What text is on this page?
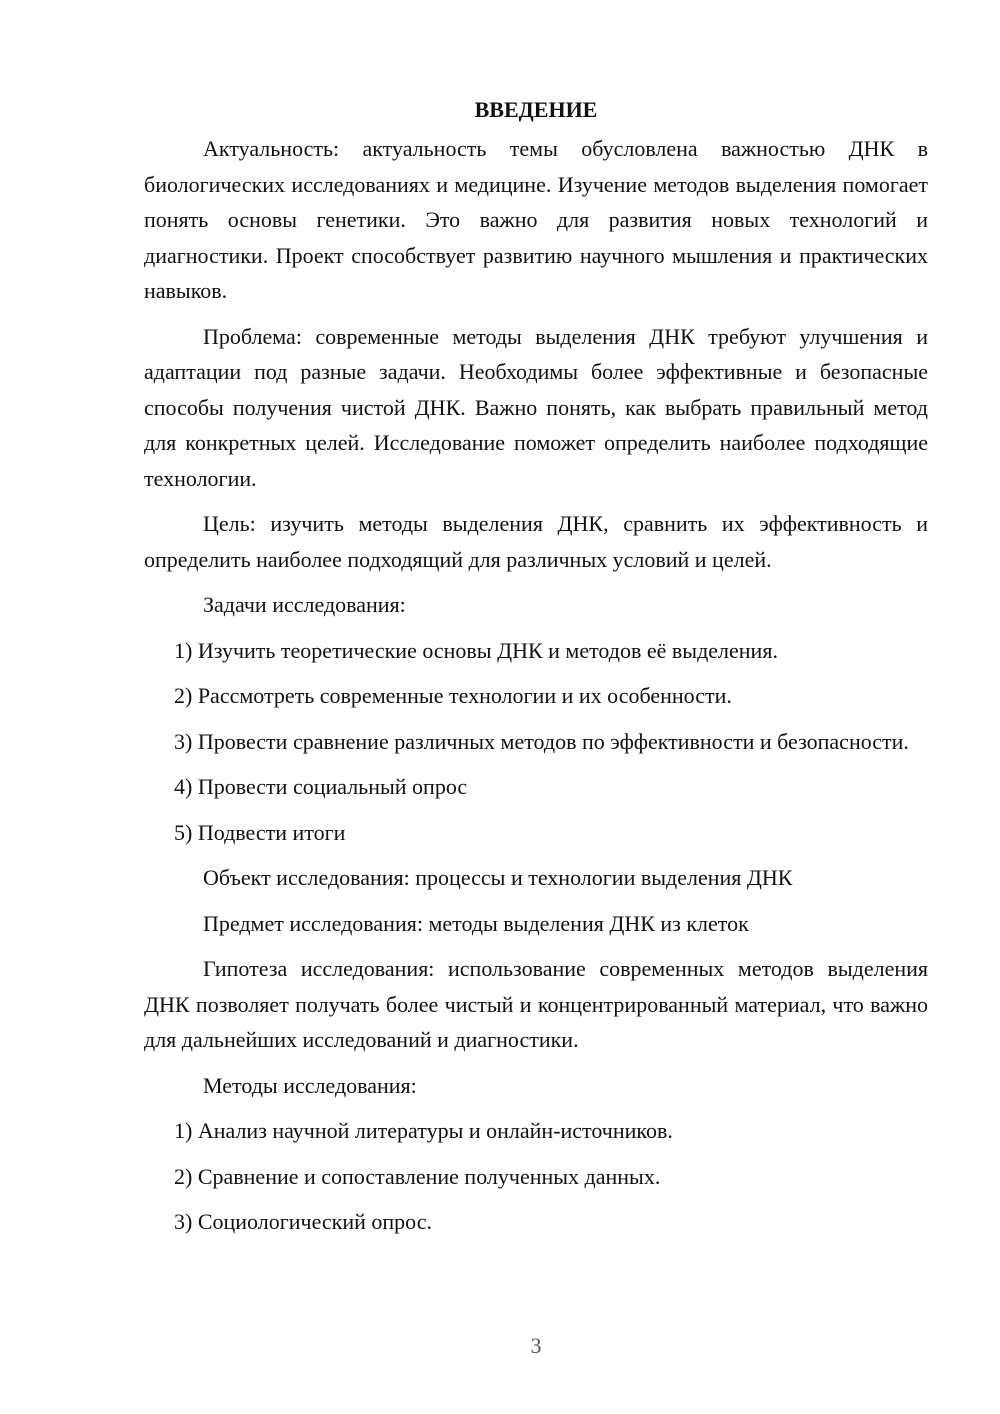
ВВЕДЕНИЕ

Актуальность: актуальность темы обусловлена важностью ДНК в биологических исследованиях и медицине. Изучение методов выделения помогает понять основы генетики. Это важно для развития новых технологий и диагностики. Проект способствует развитию научного мышления и практических навыков.

Проблема: современные методы выделения ДНК требуют улучшения и адаптации под разные задачи. Необходимы более эффективные и безопасные способы получения чистой ДНК. Важно понять, как выбрать правильный метод для конкретных целей. Исследование поможет определить наиболее подходящие технологии.

Цель: изучить методы выделения ДНК, сравнить их эффективность и определить наиболее подходящий для различных условий и целей.

Задачи исследования:

1) Изучить теоретические основы ДНК и методов её выделения.

2) Рассмотреть современные технологии и их особенности.

3) Провести сравнение различных методов по эффективности и безопасности.

4) Провести социальный опрос

5) Подвести итоги

Объект исследования: процессы и технологии выделения ДНК

Предмет исследования: методы выделения ДНК из клеток

Гипотеза исследования: использование современных методов выделения ДНК позволяет получать более чистый и концентрированный материал, что важно для дальнейших исследований и диагностики.

Методы исследования:

1) Анализ научной литературы и онлайн-источников.

2) Сравнение и сопоставление полученных данных.

3) Социологический опрос.

3
